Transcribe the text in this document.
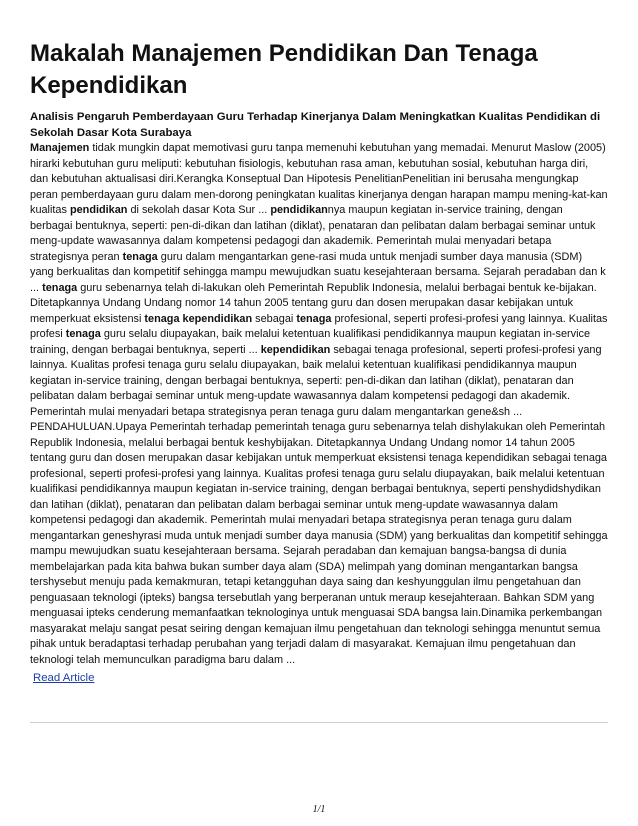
Makalah Manajemen Pendidikan Dan Tenaga Kependidikan

Analisis Pengaruh Pemberdayaan Guru Terhadap Kinerjanya Dalam Meningkatkan Kualitas Pendidikan di Sekolah Dasar Kota Surabaya

Manajemen tidak mungkin dapat memotivasi guru tanpa memenuhi kebutuhan yang memadai. Menurut Maslow (2005) hirarki kebutuhan guru meliputi: kebutuhan fisiologis, kebutuhan rasa aman, kebutuhan sosial, kebutuhan harga diri, dan kebutuhan aktualisasi diri.Kerangka Konseptual Dan Hipotesis PenelitianPenelitian ini berusaha mengungkap peran pemberdayaan guru dalam men-dorong peningkatan kualitas kinerjanya dengan harapan mampu mening-kat-kan kualitas pendidikan di sekolah dasar Kota Sur ... pendidikannya maupun kegiatan in-service training, dengan berbagai bentuknya, seperti: pen-di-dikan dan latihan (diklat), penataran dan pelibatan dalam berbagai seminar untuk meng-update wawasannya dalam kompetensi pedagogi dan akademik. Pemerintah mulai menyadari betapa strategisnya peran tenaga guru dalam mengantarkan gene-rasi muda untuk menjadi sumber daya manusia (SDM) yang berkualitas dan kompetitif sehingga mampu mewujudkan suatu kesejahteraan bersama. Sejarah peradaban dan k ... tenaga guru sebenarnya telah di-lakukan oleh Pemerintah Republik Indonesia, melalui berbagai bentuk ke-bijakan. Ditetapkannya Undang Undang nomor 14 tahun 2005 tentang guru dan dosen merupakan dasar kebijakan untuk memperkuat eksistensi tenaga kependidikan sebagai tenaga profesional, seperti profesi-profesi yang lainnya. Kualitas profesi tenaga guru selalu diupayakan, baik melalui ketentuan kualifikasi pendidikannya maupun kegiatan in-service training, dengan berbagai bentuknya, seperti ... kependidikan sebagai tenaga profesional, seperti profesi-profesi yang lainnya. Kualitas profesi tenaga guru selalu diupayakan, baik melalui ketentuan kualifikasi pendidikannya maupun kegiatan in-service training, dengan berbagai bentuknya, seperti: pen-di-dikan dan latihan (diklat), penataran dan pelibatan dalam berbagai seminar untuk meng-update wawasannya dalam kompetensi pedagogi dan akademik. Pemerintah mulai menyadari betapa strategisnya peran tenaga guru dalam mengantarkan gene&sh ... PENDAHULUAN.Upaya Pemerintah terhadap pemerintah tenaga guru sebenarnya telah dishylakukan oleh Pemerintah Republik Indonesia, melalui berbagai bentuk keshybijakan. Ditetapkannya Undang Undang nomor 14 tahun 2005 tentang guru dan dosen merupakan dasar kebijakan untuk memperkuat eksistensi tenaga kependidikan sebagai tenaga profesional, seperti profesi-profesi yang lainnya. Kualitas profesi tenaga guru selalu diupayakan, baik melalui ketentuan kualifikasi pendidikannya maupun kegiatan in-service training, dengan berbagai bentuknya, seperti penshydidshydikan dan latihan (diklat), penataran dan pelibatan dalam berbagai seminar untuk meng-update wawasannya dalam kompetensi pedagogi dan akademik. Pemerintah mulai menyadari betapa strategisnya peran tenaga guru dalam mengantarkan geneshyrasi muda untuk menjadi sumber daya manusia (SDM) yang berkualitas dan kompetitif sehingga mampu mewujudkan suatu kesejahteraan bersama. Sejarah peradaban dan kemajuan bangsa-bangsa di dunia membelajarkan pada kita bahwa bukan sumber daya alam (SDA) melimpah yang dominan mengantarkan bangsa tershysebut menuju pada kemakmuran, tetapi ketangguhan daya saing dan keshyunggulan ilmu pengetahuan dan penguasaan teknologi (ipteks) bangsa tersebutlah yang berperanan untuk meraup kesejahteraan. Bahkan SDM yang menguasai ipteks cenderung memanfaatkan teknologinya untuk menguasai SDA bangsa lain.Dinamika perkembangan masyarakat melaju sangat pesat seiring dengan kemajuan ilmu pengetahuan dan teknologi sehingga menuntut semua pihak untuk beradaptasi terhadap perubahan yang terjadi dalam di masyarakat. Kemajuan ilmu pengetahuan dan teknologi telah memunculkan paradigma baru dalam ...

Read Article
1/1
